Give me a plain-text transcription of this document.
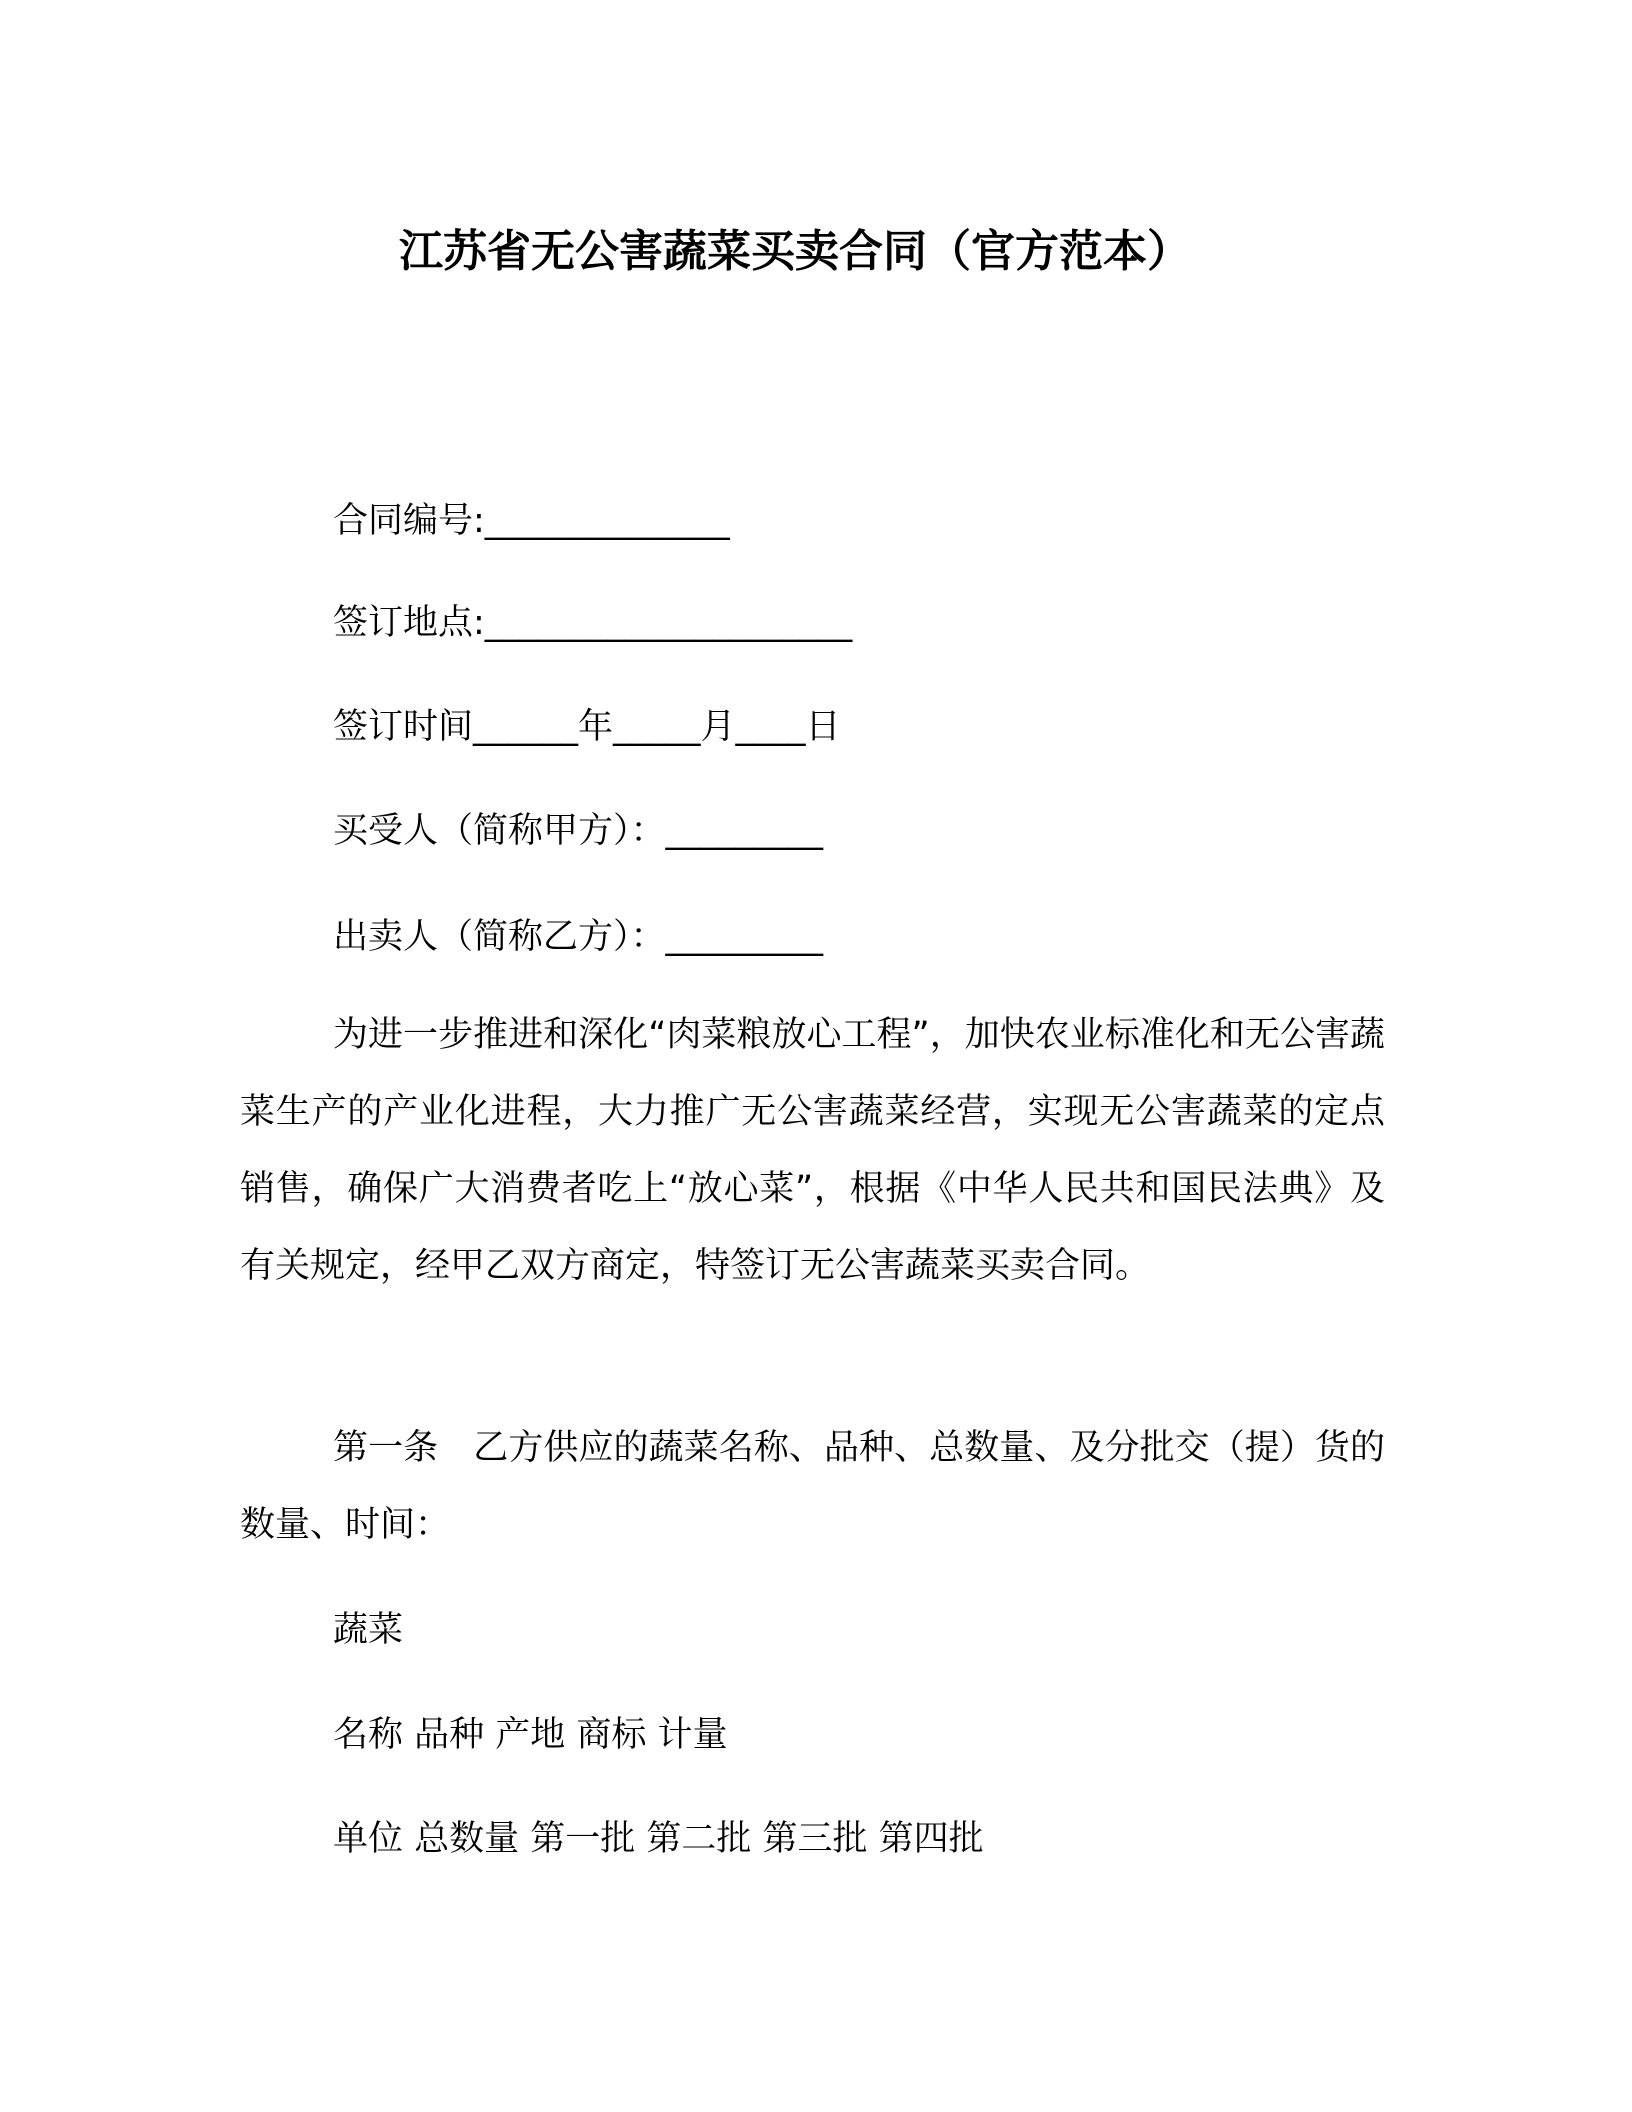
江苏省无公害蔬菜买卖合同（官方范本）
合同编号:______________
签订地点:_____________________
签订时间______年_____月____日
买受人（简称甲方）：_________
出卖人（简称乙方）：_________
为进一步推进和深化“肉菜粮放心工程”，加快农业标准化和无公害蔬菜生产的产业化进程，大力推广无公害蔬菜经营，实现无公害蔬菜的定点销售，确保广大消费者吃上“放心菜”，根据《中华人民共和国民法典》及有关规定，经甲乙双方商定，特签订无公害蔬菜买卖合同。
第一条　乙方供应的蔬菜名称、品种、总数量、及分批交（提）货的数量、时间：
蔬菜
名称 品种 产地 商标 计量
单位 总数量 第一批 第二批 第三批 第四批
